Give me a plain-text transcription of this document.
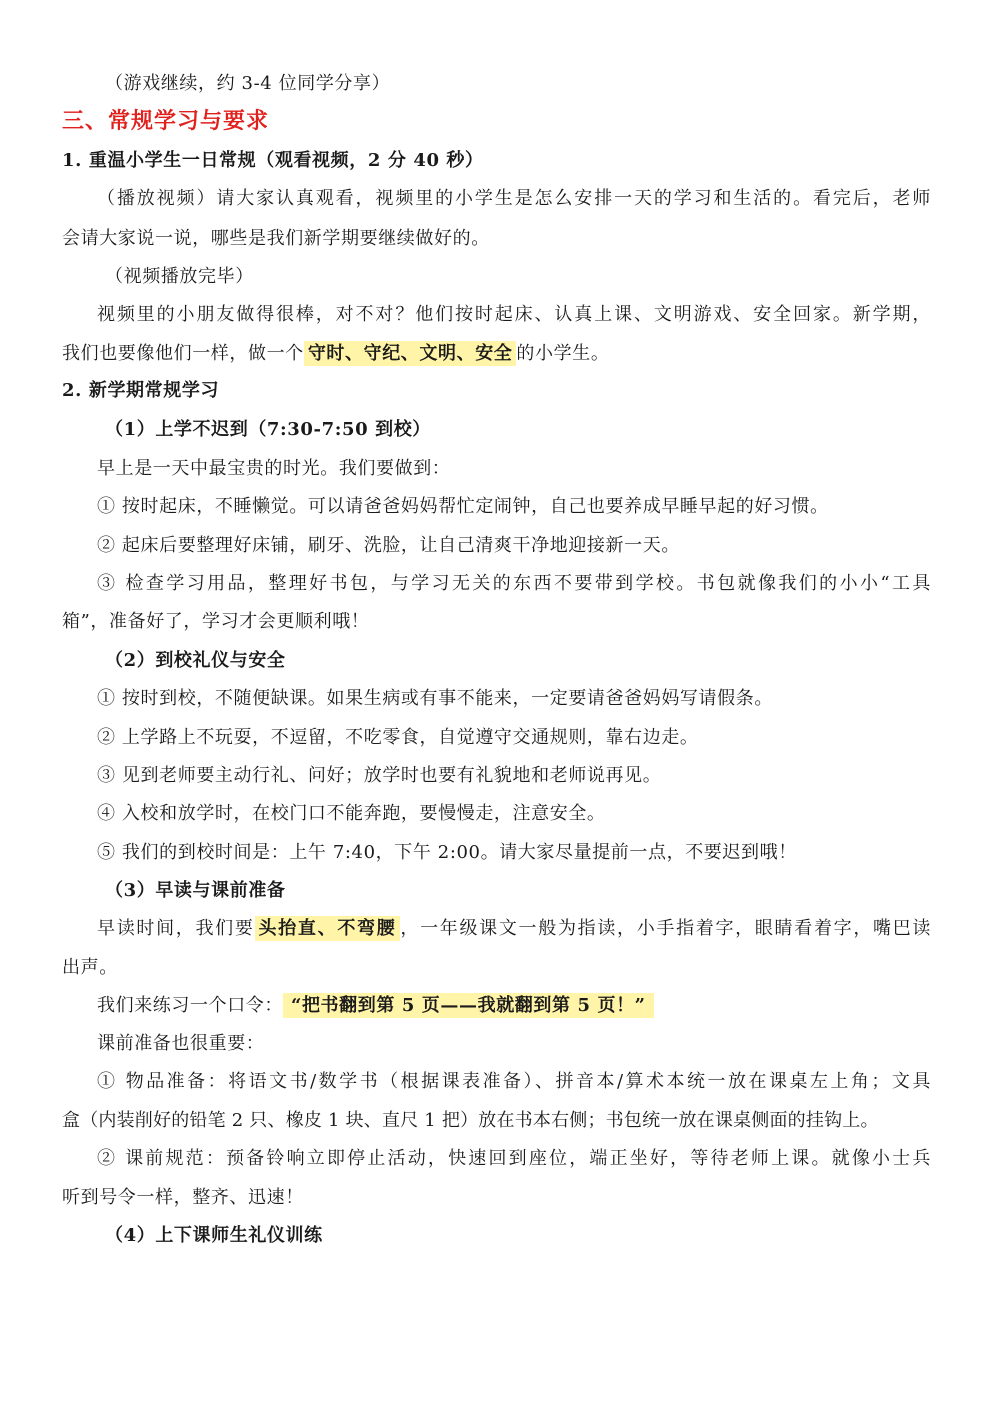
（游戏继续，约 3-4 位同学分享）
三、常规学习与要求
1. 重温小学生一日常规（观看视频，2 分 40 秒）
（播放视频）请大家认真观看，视频里的小学生是怎么安排一天的学习和生活的。看完后，老师
会请大家说一说，哪些是我们新学期要继续做好的。
（视频播放完毕）
视频里的小朋友做得很棒，对不对？他们按时起床、认真上课、文明游戏、安全回家。新学期，
我们也要像他们一样，做一个 守时、守纪、文明、安全 的小学生。
2. 新学期常规学习
（1）上学不迟到（7:30-7:50 到校）
早上是一天中最宝贵的时光。我们要做到：
① 按时起床，不睡懒觉。可以请爸爸妈妈帮忙定闹钟，自己也要养成早睡早起的好习惯。
② 起床后要整理好床铺，刷牙、洗脸，让自己清爽干净地迎接新一天。
③ 检查学习用品，整理好书包，与学习无关的东西不要带到学校。书包就像我们的小小“工具
箱”，准备好了，学习才会更顺利哦！
（2）到校礼仪与安全
① 按时到校，不随便缺课。如果生病或有事不能来，一定要请爸爸妈妈写请假条。
② 上学路上不玩耍，不逗留，不吃零食，自觉遵守交通规则，靠右边走。
③ 见到老师要主动行礼、问好；放学时也要有礼貌地和老师说再见。
④ 入校和放学时，在校门口不能奔跑，要慢慢走，注意安全。
⑤ 我们的到校时间是：上午 7:40，下午 2:00。请大家尽量提前一点，不要迟到哦！
（3）早读与课前准备
早读时间，我们要 头抬直、不弯腰 ，一年级课文一般为指读，小手指着字，眼睛看着字，嘴巴读
出声。
我们来练习一个口令： “把书翻到第 5 页——我就翻到第 5 页！”
课前准备也很重要：
① 物品准备：将语文书/数学书（根据课表准备）、拼音本/算术本统一放在课桌左上角；文具
盒（内装削好的铅笔 2 只、橡皮 1 块、直尺 1 把）放在书本右侧；书包统一放在课桌侧面的挂钩上。
② 课前规范：预备铃响立即停止活动，快速回到座位，端正坐好，等待老师上课。就像小士兵
听到号令一样，整齐、迅速！
（4）上下课师生礼仪训练
